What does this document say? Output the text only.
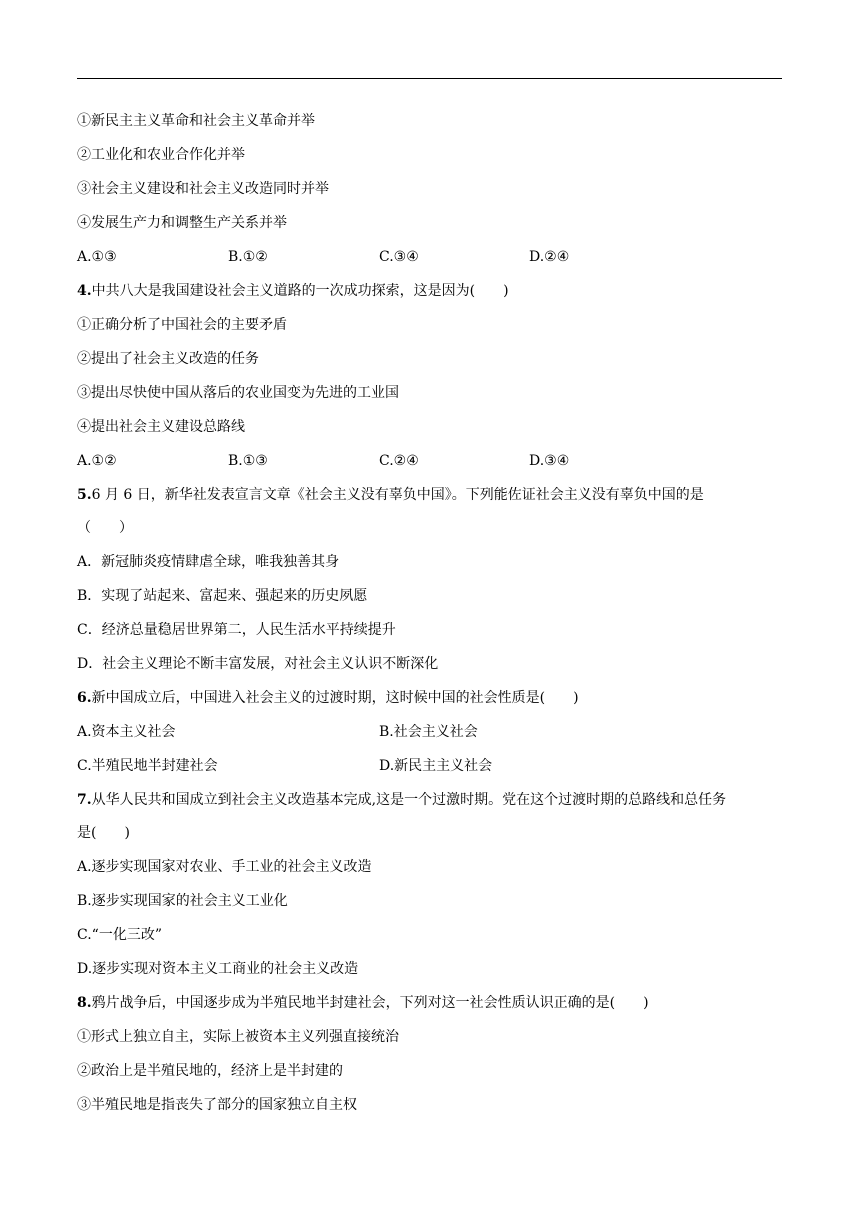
①新民主主义革命和社会主义革命并举
②工业化和农业合作化并举
③社会主义建设和社会主义改造同时并举
④发展生产力和调整生产关系并举
A.①③	B.①②	C.③④	D.②④
4.中共八大是我国建设社会主义道路的一次成功探索，这是因为(　　)
①正确分析了中国社会的主要矛盾
②提出了社会主义改造的任务
③提出尽快使中国从落后的农业国变为先进的工业国
④提出社会主义建设总路线
A.①②	B.①③	C.②④	D.③④
5.6 月 6 日，新华社发表宣言文章《社会主义没有辜负中国》。下列能佐证社会主义没有辜负中国的是
（　　）
A．新冠肺炎疫情肆虐全球，唯我独善其身
B．实现了站起来、富起来、强起来的历史夙愿
C．经济总量稳居世界第二，人民生活水平持续提升
D．社会主义理论不断丰富发展，对社会主义认识不断深化
6.新中国成立后，中国进入社会主义的过渡时期，这时候中国的社会性质是(　　)
A.资本主义社会	B.社会主义社会
C.半殖民地半封建社会	D.新民主主义社会
7.从华人民共和国成立到社会主义改造基本完成,这是一个过激时期。党在这个过渡时期的总路线和总任务
是(　　)
A.逐步实现国家对农业、手工业的社会主义改造
B.逐步实现国家的社会主义工业化
C.“一化三改”
D.逐步实现对资本主义工商业的社会主义改造
8.鸦片战争后，中国逐步成为半殖民地半封建社会，下列对这一社会性质认识正确的是(　　)
①形式上独立自主，实际上被资本主义列强直接统治
②政治上是半殖民地的，经济上是半封建的
③半殖民地是指丧失了部分的国家独立自主权
